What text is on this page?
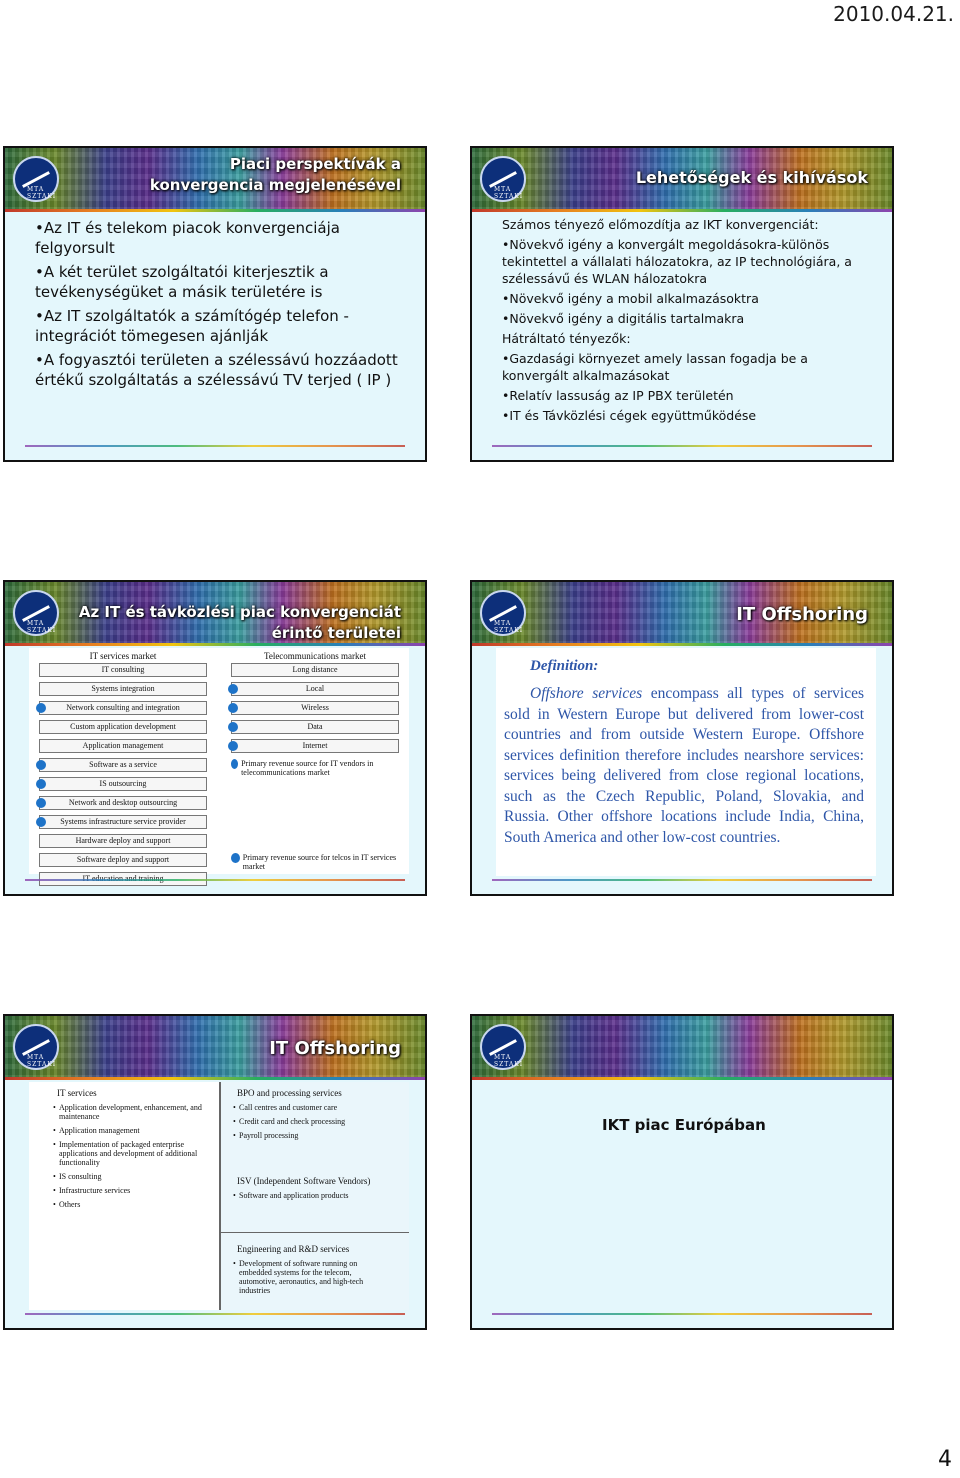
2010.04.21.
MTA SZTAKI
Piaci perspektívák a konvergencia megjelenésével

•Az IT és telekom piacok konvergenciája felgyorsult

•A két terület szolgáltatói kiterjesztik a tevékenységüket a másik területére is

•Az IT szolgáltatók a számítógép telefon - integrációt tömegesen ajánlják

•A fogyasztói területen a szélessávú hozzáadott értékű szolgáltatás a szélessávú TV terjed ( IP )

MTA SZTAKI
Lehetőségek és kihívások

Számos tényező előmozdítja az IKT konvergenciát:

•Növekvő igény a konvergált megoldásokra-különös tekintettel a vállalati hálozatokra, az IP technológiára, a szélessávű és WLAN hálozatokra

•Növekvő igény a mobil alkalmazásoktra

•Növekvő igény a digitális tartalmakra

Hátráltató tényezők:

•Gazdasági környezet amely lassan fogadja be a konvergált alkalmazásokat

•Relatív lassuság az IP PBX területén

•IT és Távközlési cégek együttműködése

MTA SZTAKI
Az IT és távközlési piac konvergenciát érintő területei
IT services market
IT consulting
Systems integration
Network consulting and integration
Custom application development
Application management
Software as a service
IS outsourcing
Network and desktop outsourcing
Systems infrastructure service provider
Hardware deploy and support
Software deploy and support
Telecommunications market
Long distance
Local
Wireless
Data
Internet
Primary revenue source for IT vendors in telecommunications market
Primary revenue source for telcos in IT services market
MTA SZTAKI
IT Offshoring
Definition:
Offshore services encompass all types of services sold in Western Europe but delivered from lower-cost countries and from outside Western Europe. Offshore services definition therefore includes nearshore services: services being delivered from close regional locations, such as the Czech Republic, Poland, Slovakia, and Russia. Other offshore locations include India, China, South America and other low-cost countries.
MTA SZTAKI
IT Offshoring
IT services
• Application development, enhancement, and maintenance
• Application management
• Implementation of packaged enterprise applications and development of additional functionality
• IS consulting
• Infrastructure services
• Others
BPO and processing services
• Call centres and customer care
• Credit card and check processing
• Payroll processing
ISV (Independent Software Vendors)
• Software and application products
Engineering and R&D services
• Development of software running on embedded systems for the telecom, automotive, aeronautics, and high-tech industries
MTA SZTAKI
IKT piac Európában
4
